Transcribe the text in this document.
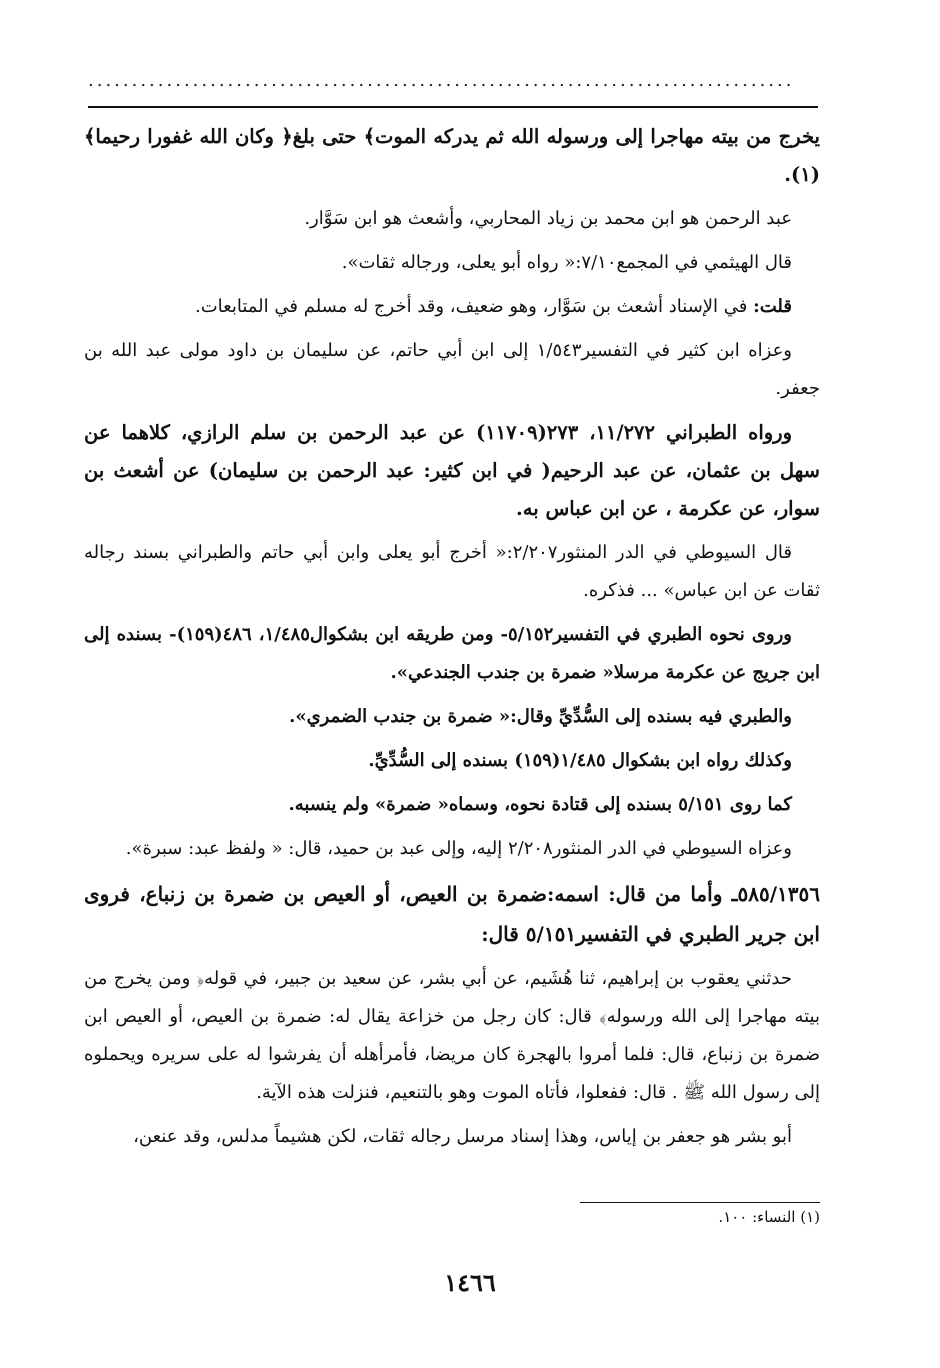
.................................................................................

يخرج من بيته مهاجرا إلى ورسوله الله ثم يدركه الموت﴾ حتى بلغ﴿ وكان الله غفورا رحيما﴾(١).

عبد الرحمن هو ابن محمد بن زياد المحاربي، وأشعث هو ابن سَوَّار.

قال الهيثمي في المجمع٧/١٠:« رواه أبو يعلى، ورجاله ثقات».

قلت: في الإسناد أشعث بن سَوَّار، وهو ضعيف، وقد أخرج له مسلم في المتابعات.

وعزاه ابن كثير في التفسير١/٥٤٣ إلى ابن أبي حاتم، عن سليمان بن داود مولى عبد الله بن جعفر.

ورواه الطبراني ١١/٢٧٢، ٢٧٣(١١٧٠٩) عن عبد الرحمن بن سلم الرازي، كلاهما عن سهل بن عثمان، عن عبد الرحيم( في ابن كثير: عبد الرحمن بن سليمان) عن أشعث بن سوار، عن عكرمة ، عن ابن عباس به.

قال السيوطي في الدر المنثور٢/٢٠٧:« أخرج أبو يعلى وابن أبي حاتم والطبراني بسند رجاله ثقات عن ابن عباس» ... فذكره.

وروى نحوه الطبري في التفسير٥/١٥٢- ومن طريقه ابن بشكوال١/٤٨٥، ٤٨٦(١٥٩)- بسنده إلى ابن جريج عن عكرمة مرسلا« ضمرة بن جندب الجندعي».

والطبري فيه بسنده إلى السُّدِّيِّ وقال:« ضمرة بن جندب الضمري».

وكذلك رواه ابن بشكوال ١/٤٨٥(١٥٩) بسنده إلى السُّدِّيِّ.

كما روى ٥/١٥١ بسنده إلى قتادة نحوه، وسماه« ضمرة» ولم ينسبه.

وعزاه السيوطي في الدر المنثور٢/٢٠٨ إليه، وإلى عبد بن حميد، قال: « ولفظ عبد: سبرة».

٥٨٥/١٣٥٦ـ وأما من قال: اسمه:ضمرة بن العيص، أو العيص بن ضمرة بن زنباع، فروى ابن جرير الطبري في التفسير٥/١٥١ قال:

حدثني يعقوب بن إبراهيم، ثنا هُشَيم، عن أبي بشر، عن سعيد بن جبير، في قوله﴿ ومن يخرج من بيته مهاجرا إلى الله ورسوله﴾ قال: كان رجل من خزاعة يقال له: ضمرة بن العيص، أو العيص ابن ضمرة بن زنباع، قال: فلما أمروا بالهجرة كان مريضا، فأمرأهله أن يفرشوا له على سريره ويحملوه إلى رسول الله ﷺ . قال: ففعلوا، فأتاه الموت وهو بالتنعيم، فنزلت هذه الآية.

أبو بشر هو جعفر بن إياس، وهذا إسناد مرسل رجاله ثقات، لكن هشيماً مدلس، وقد عنعن،

(١) النساء: ١٠٠.
١٤٦٦
